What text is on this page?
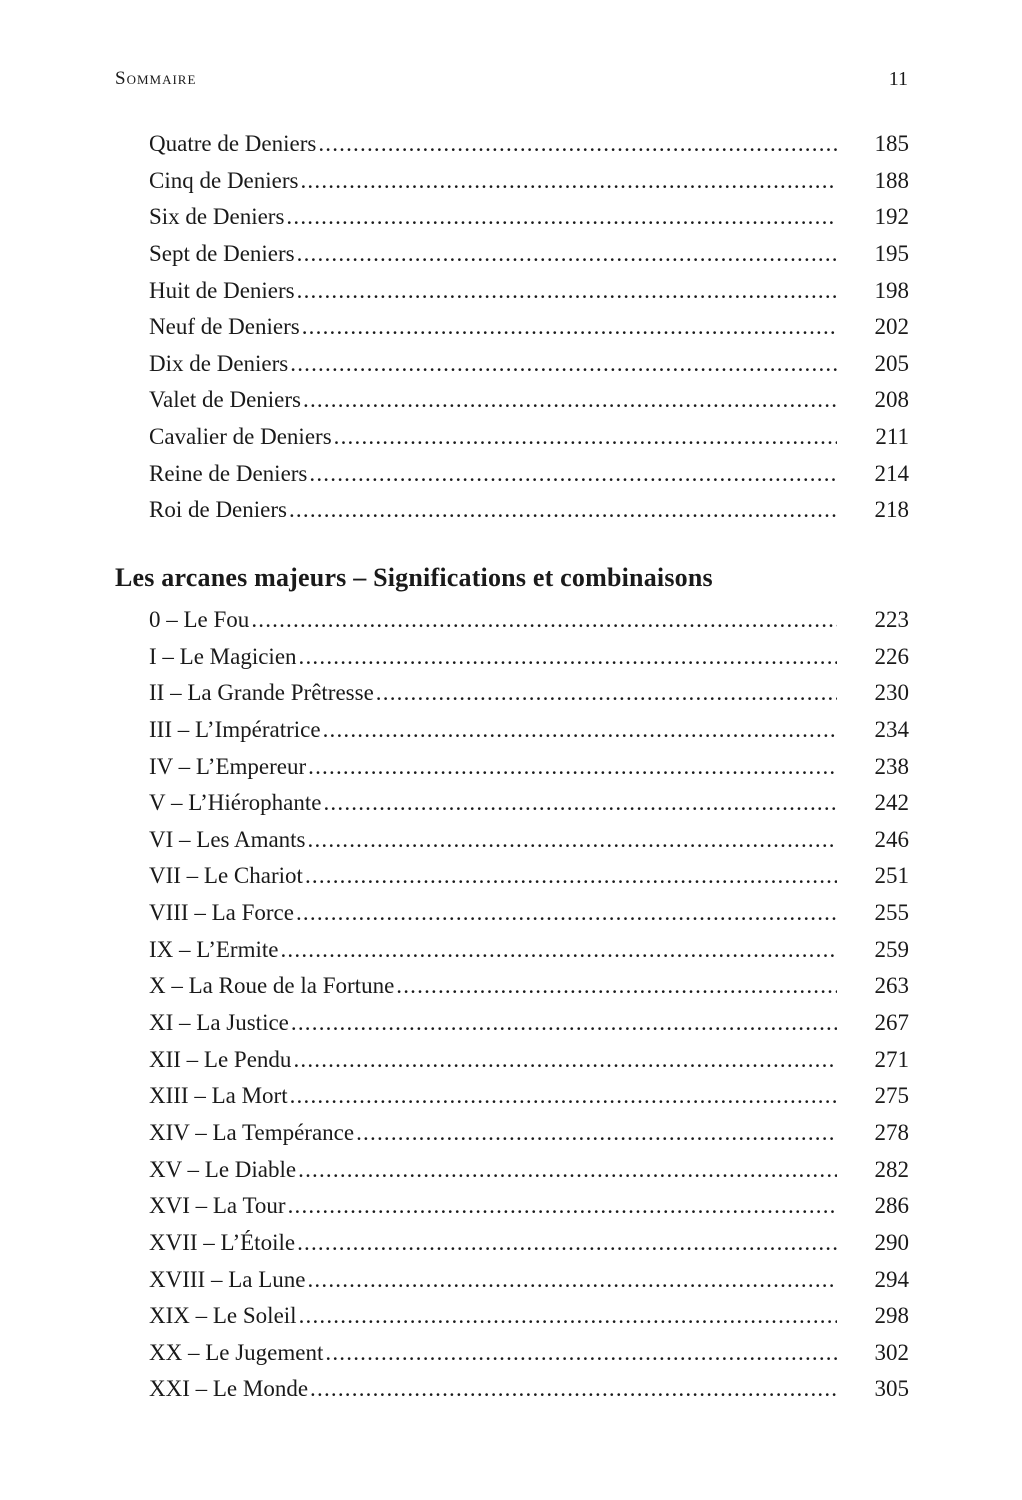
Sommaire	11
Quatre de Deniers .....	185
Cinq de Deniers .....	188
Six de Deniers .....	192
Sept de Deniers .....	195
Huit de Deniers .....	198
Neuf de Deniers .....	202
Dix de Deniers .....	205
Valet de Deniers .....	208
Cavalier de Deniers .....	211
Reine de Deniers .....	214
Roi de Deniers .....	218
Les arcanes majeurs – Significations et combinaisons
0 – Le Fou .....	223
I – Le Magicien .....	226
II – La Grande Prêtresse .....	230
III – L’Impératrice .....	234
IV – L’Empereur .....	238
V – L’Hiérophante .....	242
VI – Les Amants .....	246
VII – Le Chariot .....	251
VIII – La Force .....	255
IX – L’Ermite .....	259
X – La Roue de la Fortune .....	263
XI – La Justice .....	267
XII – Le Pendu .....	271
XIII – La Mort .....	275
XIV – La Tempérance .....	278
XV – Le Diable .....	282
XVI – La Tour .....	286
XVII – L’Étoile .....	290
XVIII – La Lune .....	294
XIX – Le Soleil .....	298
XX – Le Jugement .....	302
XXI – Le Monde .....	305
